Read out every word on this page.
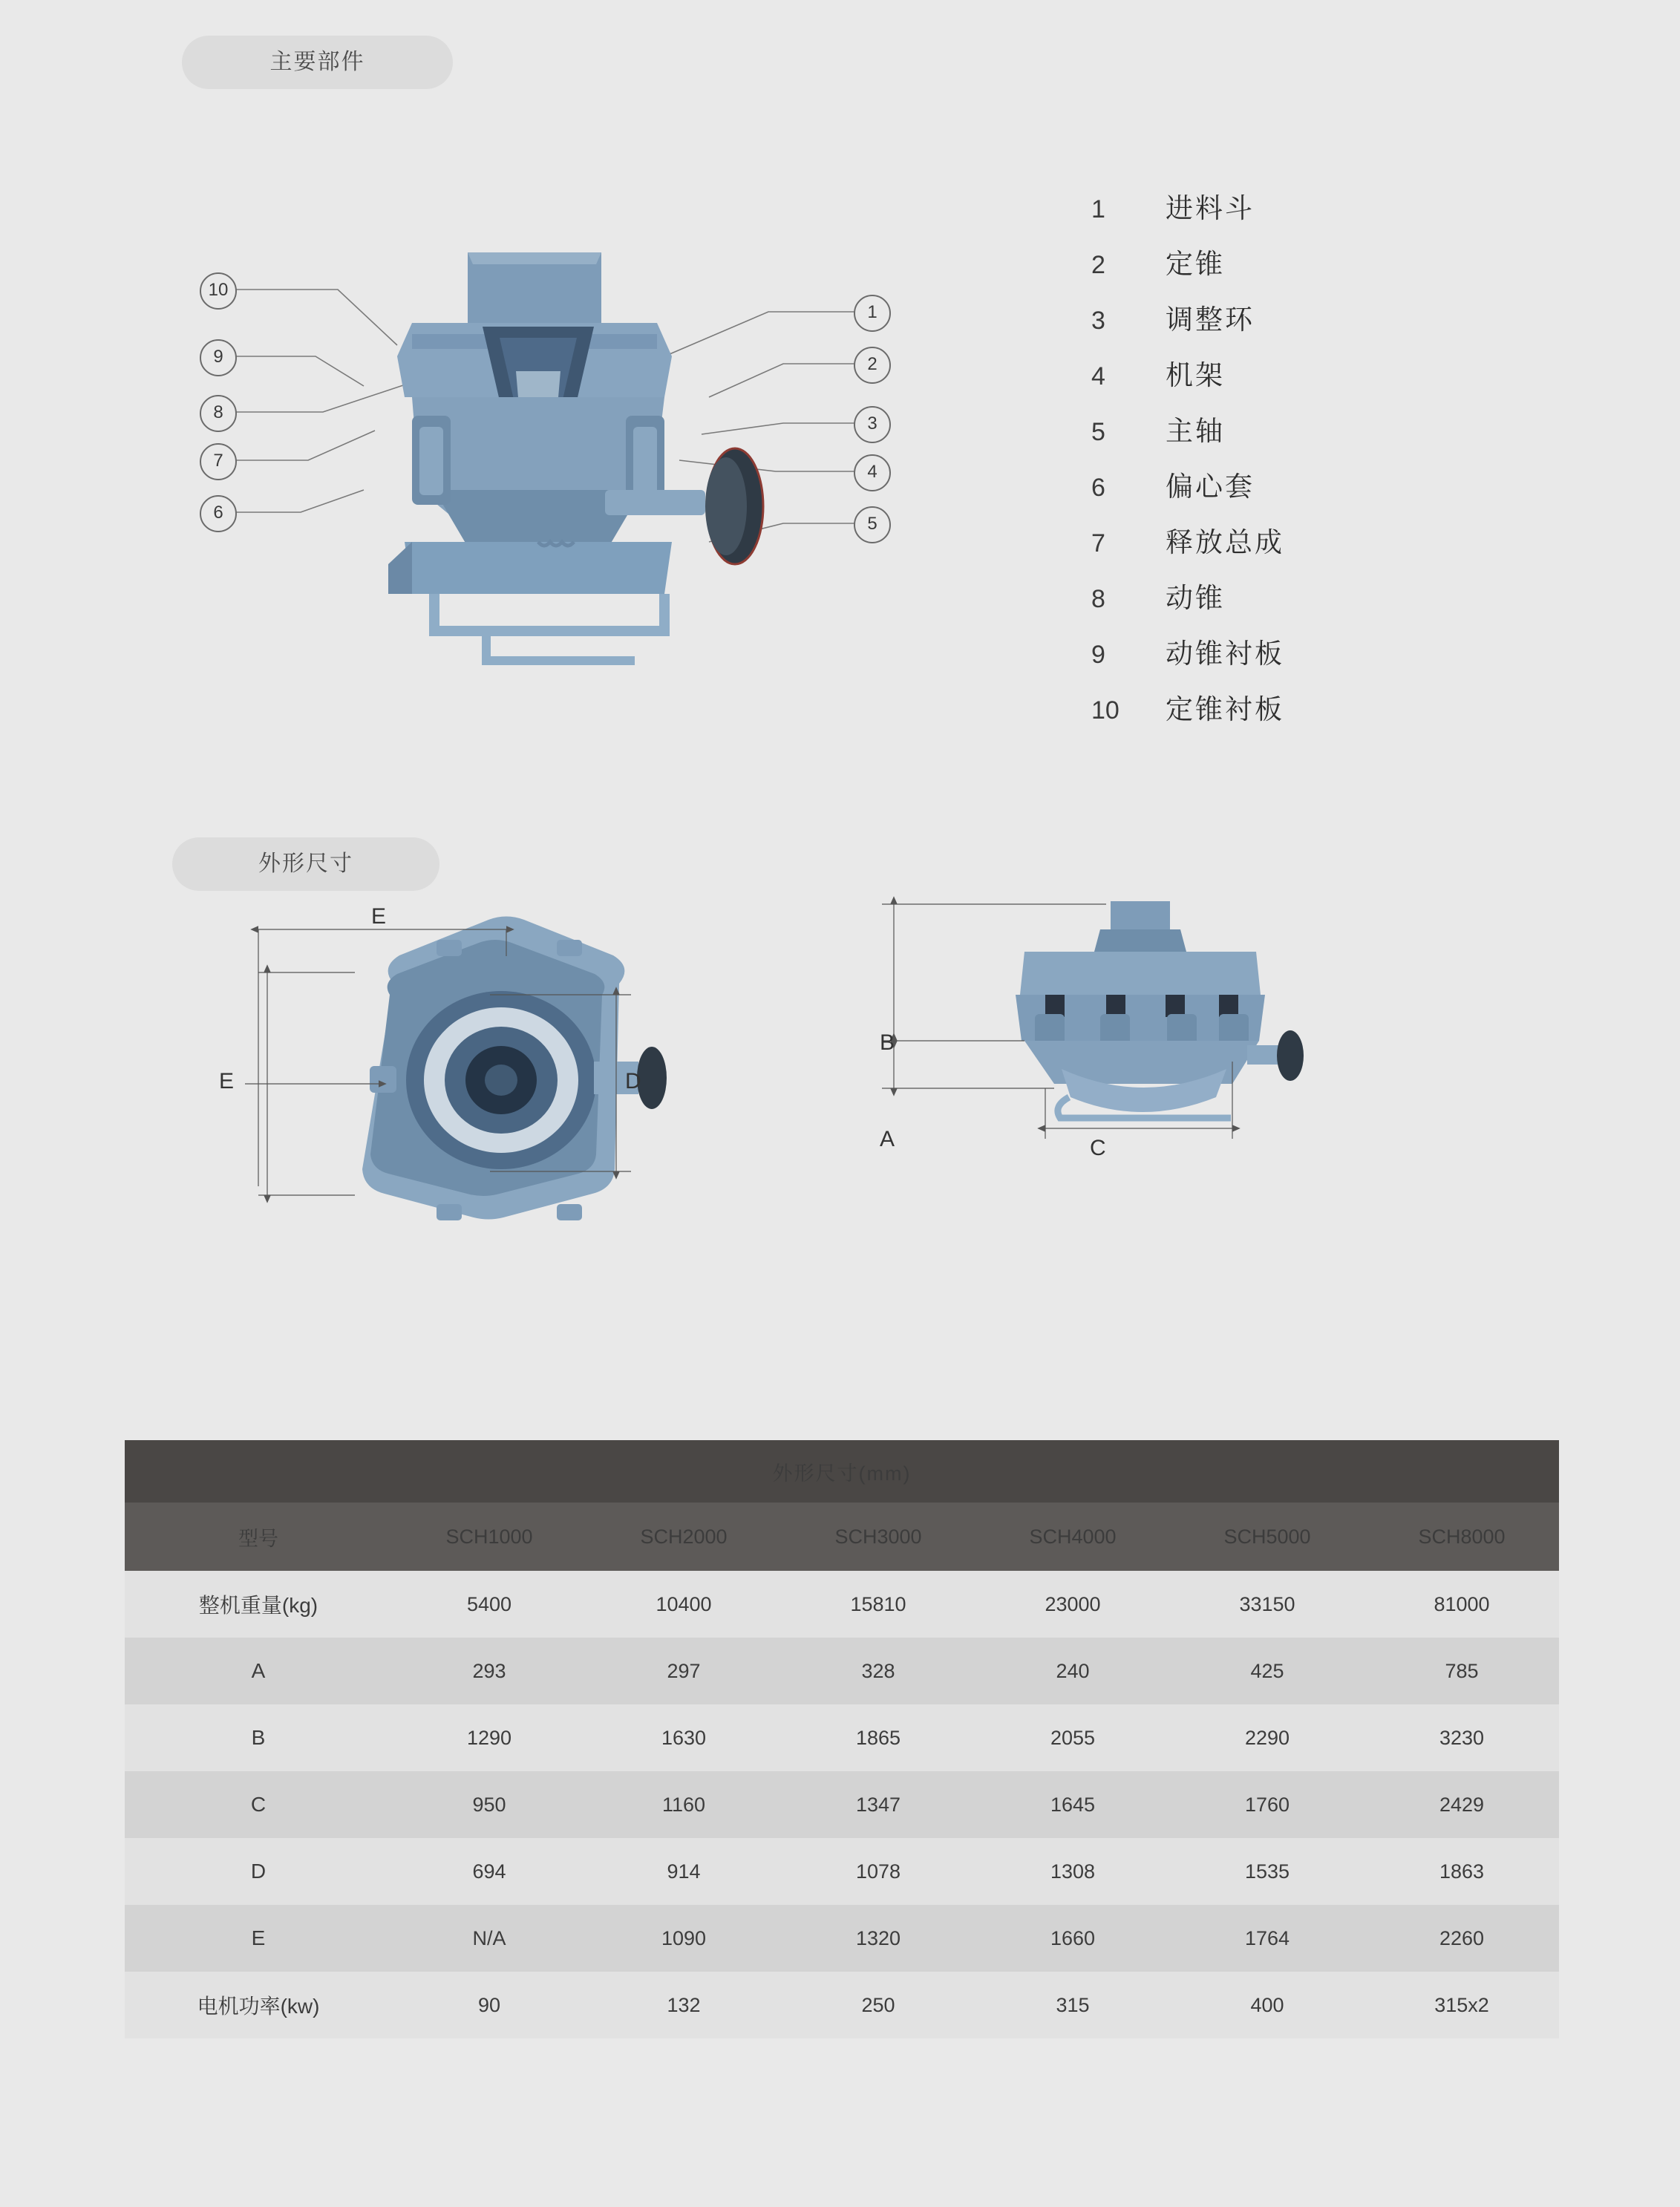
主要部件
10
9
8
7
6
1
2
3
4
5
1	进料斗
2	定锥
3	调整环
4	机架
5	主轴
6	偏心套
7	释放总成
8	动锥
9	动锥衬板
10	定锥衬板
外形尺寸
E
E	D
B
A	C
外形尺寸(mm)						
型号	SCH1000	SCH2000	SCH3000	SCH4000	SCH5000	SCH8000
整机重量(kg)	5400	10400	15810	23000	33150	81000
A	293	297	328	240	425	785
B	1290	1630	1865	2055	2290	3230
C	950	1160	1347	1645	1760	2429
D	694	914	1078	1308	1535	1863
E	N/A	1090	1320	1660	1764	2260
电机功率(kw)	90	132	250	315	400	315x2
